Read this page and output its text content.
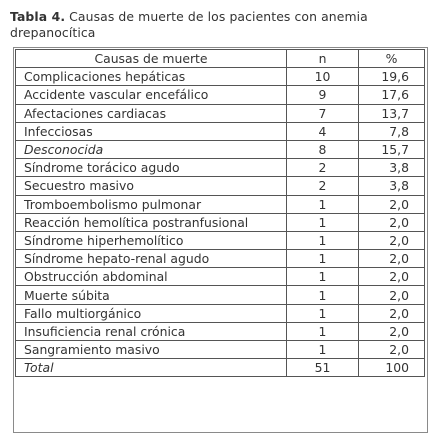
Tabla 4. Causas de muerte de los pacientes con anemia drepanocítica
Causas de muerte	n	%
Complicaciones hepáticas	10	19,6
Accidente vascular encefálico	9	17,6
Afectaciones cardiacas	7	13,7
Infecciosas	4	7,8
Desconocida	8	15,7
Síndrome torácico agudo	2	3,8
Secuestro masivo	2	3,8
Tromboembolismo pulmonar	1	2,0
Reacción hemolítica postranfusional	1	2,0
Síndrome hiperhemolítico	1	2,0
Síndrome hepato-renal agudo	1	2,0
Obstrucción abdominal	1	2,0
Muerte súbita	1	2,0
Fallo multiorgánico	1	2,0
Insuficiencia renal crónica	1	2,0
Sangramiento masivo	1	2,0
Total	51	100
